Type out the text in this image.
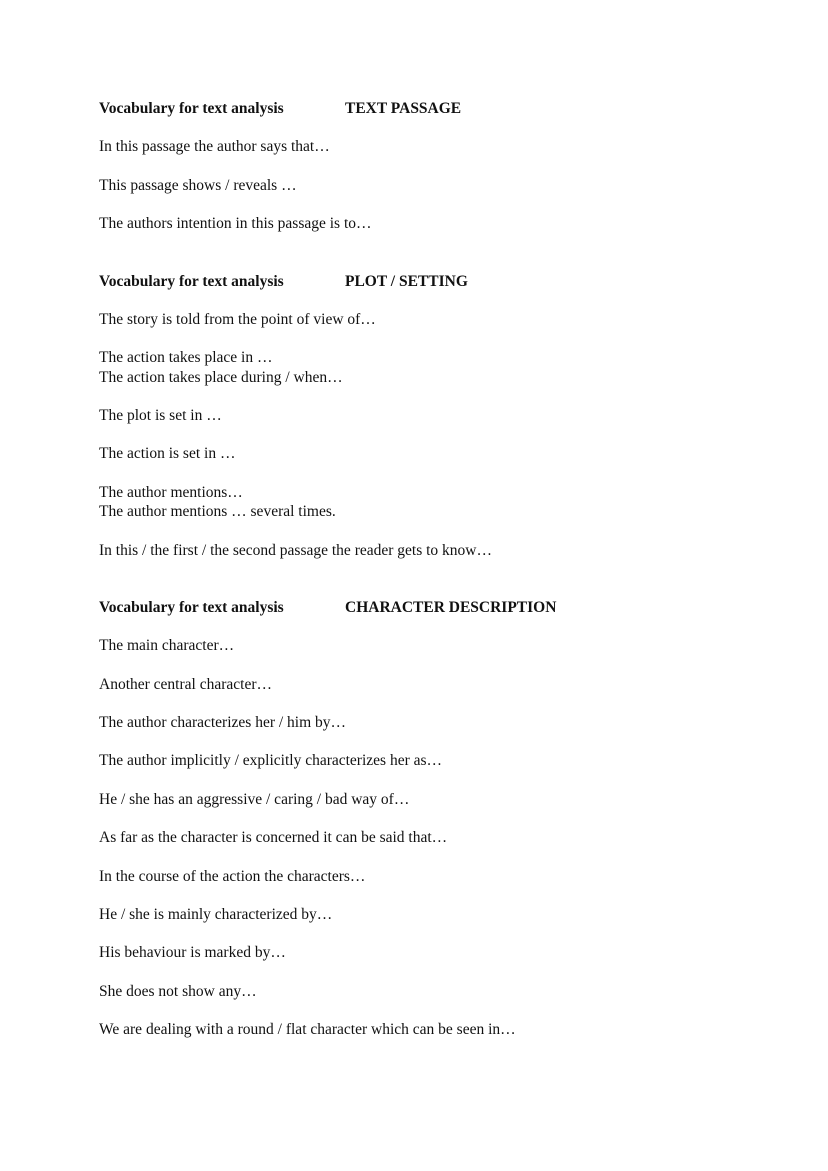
Vocabulary for text analysis	TEXT PASSAGE
In this passage the author says that…
This passage shows / reveals …
The authors intention in this passage is to…
Vocabulary for text analysis	PLOT / SETTING
The story is told from the point of view of…
The action takes place in …
The action takes place during / when…
The plot is set in …
The action is set in …
The author mentions…
The author mentions … several times.
In this / the first / the second passage the reader gets to know…
Vocabulary for text analysis	CHARACTER DESCRIPTION
The main character…
Another central character…
The author characterizes her / him by…
The author implicitly / explicitly characterizes her as…
He / she has an aggressive / caring / bad way of…
As far as the character is concerned it can be said that…
In the course of the action the characters…
He / she is mainly characterized by…
His behaviour is marked by…
She does not show any…
We are dealing with a round / flat character which can be seen in…
